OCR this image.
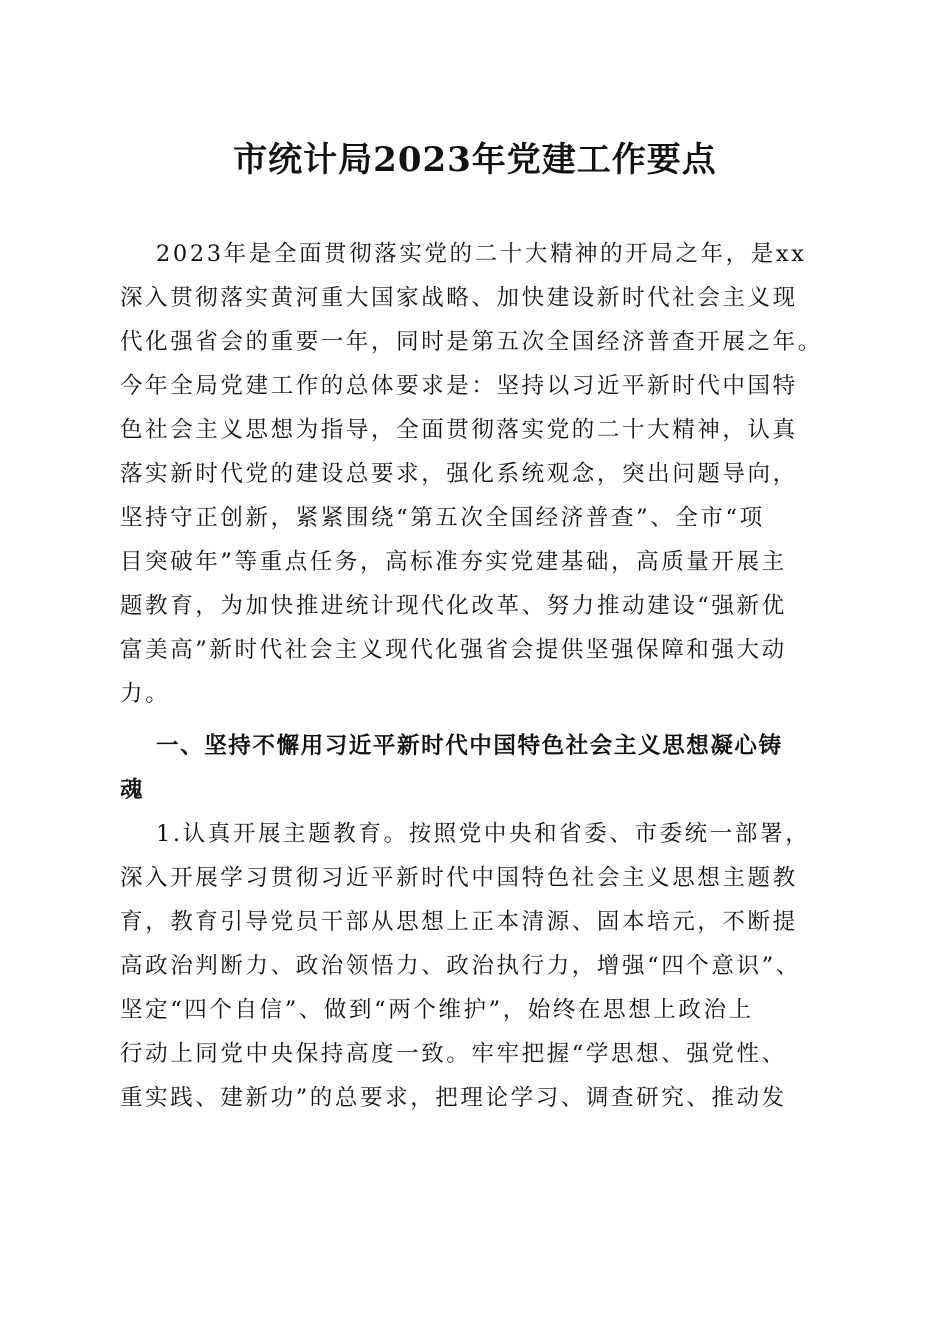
市统计局2023年党建工作要点
2023年是全面贯彻落实党的二十大精神的开局之年，是xx
深入贯彻落实黄河重大国家战略、加快建设新时代社会主义现
代化强省会的重要一年，同时是第五次全国经济普查开展之年。
今年全局党建工作的总体要求是：坚持以习近平新时代中国特
色社会主义思想为指导，全面贯彻落实党的二十大精神，认真
落实新时代党的建设总要求，强化系统观念，突出问题导向，
坚持守正创新，紧紧围绕“第五次全国经济普查”、全市“项
目突破年”等重点任务，高标准夯实党建基础，高质量开展主
题教育，为加快推进统计现代化改革、努力推动建设“强新优
富美高”新时代社会主义现代化强省会提供坚强保障和强大动
力。
一、坚持不懈用习近平新时代中国特色社会主义思想凝心铸
魂
1.认真开展主题教育。按照党中央和省委、市委统一部署，
深入开展学习贯彻习近平新时代中国特色社会主义思想主题教
育，教育引导党员干部从思想上正本清源、固本培元，不断提
高政治判断力、政治领悟力、政治执行力，增强“四个意识”、
坚定“四个自信”、做到“两个维护”，始终在思想上政治上
行动上同党中央保持高度一致。牢牢把握“学思想、强党性、
重实践、建新功”的总要求，把理论学习、调查研究、推动发
